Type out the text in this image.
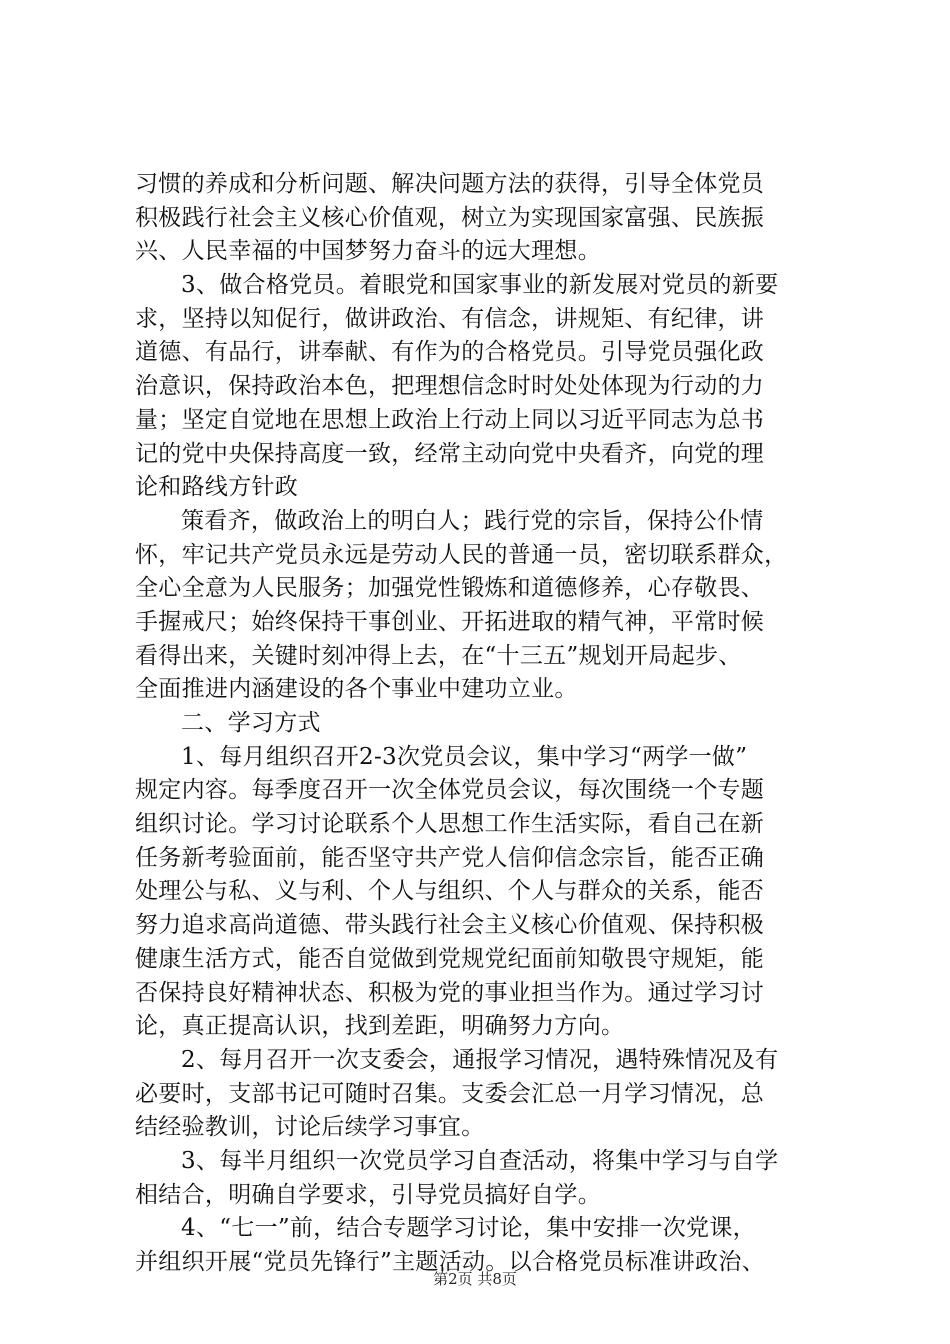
习惯的养成和分析问题、解决问题方法的获得，引导全体党员
积极践行社会主义核心价值观，树立为实现国家富强、民族振
兴、人民幸福的中国梦努力奋斗的远大理想。
3、做合格党员。着眼党和国家事业的新发展对党员的新要
求，坚持以知促行，做讲政治、有信念，讲规矩、有纪律，讲
道德、有品行，讲奉献、有作为的合格党员。引导党员强化政
治意识，保持政治本色，把理想信念时时处处体现为行动的力
量；坚定自觉地在思想上政治上行动上同以习近平同志为总书
记的党中央保持高度一致，经常主动向党中央看齐，向党的理
论和路线方针政
策看齐，做政治上的明白人；践行党的宗旨，保持公仆情
怀，牢记共产党员永远是劳动人民的普通一员，密切联系群众，
全心全意为人民服务；加强党性锻炼和道德修养，心存敬畏、
手握戒尺；始终保持干事创业、开拓进取的精气神，平常时候
看得出来，关键时刻冲得上去，在“十三五”规划开局起步、
全面推进内涵建设的各个事业中建功立业。
二、学习方式
1、每月组织召开2-3次党员会议，集中学习“两学一做”
规定内容。每季度召开一次全体党员会议，每次围绕一个专题
组织讨论。学习讨论联系个人思想工作生活实际，看自己在新
任务新考验面前，能否坚守共产党人信仰信念宗旨，能否正确
处理公与私、义与利、个人与组织、个人与群众的关系，能否
努力追求高尚道德、带头践行社会主义核心价值观、保持积极
健康生活方式，能否自觉做到党规党纪面前知敬畏守规矩，能
否保持良好精神状态、积极为党的事业担当作为。通过学习讨
论，真正提高认识，找到差距，明确努力方向。
2、每月召开一次支委会，通报学习情况，遇特殊情况及有
必要时，支部书记可随时召集。支委会汇总一月学习情况，总
结经验教训，讨论后续学习事宜。
3、每半月组织一次党员学习自查活动，将集中学习与自学
相结合，明确自学要求，引导党员搞好自学。
4、“七一”前，结合专题学习讨论，集中安排一次党课，
并组织开展“党员先锋行”主题活动。以合格党员标准讲政治、
第2页 共8页
